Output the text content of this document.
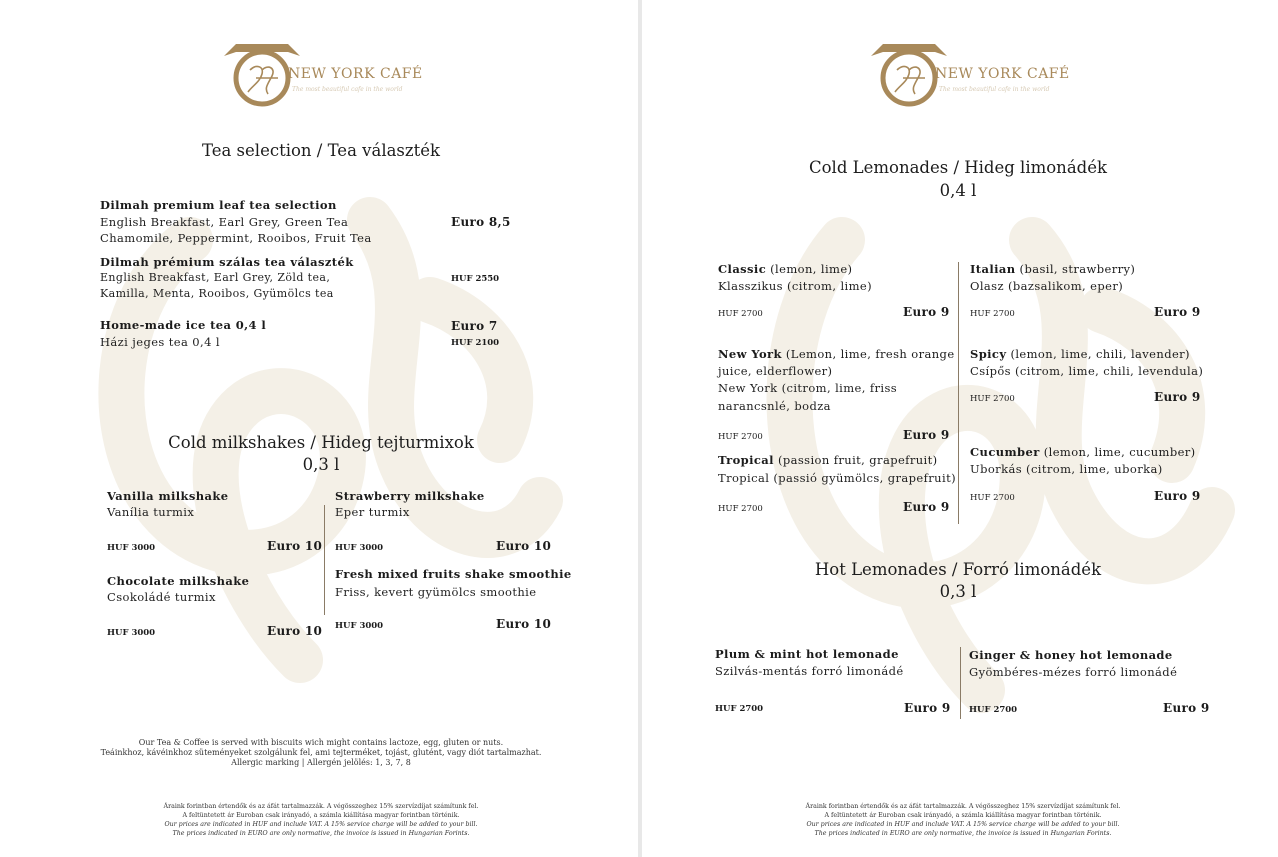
SINCE 1894
NEW YORK CAFÉ
The most beautiful cafe in the world
Tea selection / Tea választék
Dilmah premium leaf tea selection
English Breakfast, Earl Grey, Green Tea
Chamomile, Peppermint, Rooibos, Fruit Tea
Euro 8,5
Dilmah prémium szálas tea választék
English Breakfast, Earl Grey, Zöld tea,
Kamilla, Menta, Rooibos, Gyümölcs tea
HUF 2550
Home-made ice tea 0,4 l
Házi jeges tea 0,4 l
Euro 7
HUF 2100
Cold milkshakes / Hideg tejturmixok
0,3 l
Vanilla milkshake
Vanília turmix
HUF 3000	Euro 10
Strawberry milkshake
Eper turmix
HUF 3000	Euro 10
Chocolate milkshake
Csokoládé turmix
HUF 3000	Euro 10
Fresh mixed fruits shake smoothie
Friss, kevert gyümölcs smoothie
HUF 3000	Euro 10
Our Tea & Coffee is served with biscuits wich might contains lactoze, egg, gluten or nuts.
Teáinkhoz, kávéinkhoz süteményeket szolgálunk fel, ami tejterméket, tojást, glutént, vagy diót tartalmazhat.
Allergic marking | Allergén jelölés: 1, 3, 7, 8
Áraink forintban értendők és az áfát tartalmazzák. A végösszeghez 15% szervízdíjat számítunk fel.
A feltüntetett ár Euroban csak irányadó, a számla kiállítása magyar forintban történik.
Our prices are indicated in HUF and include VAT. A 15% service charge will be added to your bill.
The prices indicated in EURO are only normative, the invoice is issued in Hungarian Forints.
SINCE 1894
NEW YORK CAFÉ
The most beautiful cafe in the world
Cold Lemonades / Hideg limonádék
0,4 l
Classic (lemon, lime)
Klasszikus (citrom, lime)
HUF 2700	Euro 9
Italian (basil, strawberry)
Olasz (bazsalikom, eper)
HUF 2700	Euro 9
New York (Lemon, lime, fresh orange
juice, elderflower)
New York (citrom, lime, friss
narancsnlé, bodza
HUF 2700	Euro 9
Spicy (lemon, lime, chili, lavender)
Csípős (citrom, lime, chili, levendula)
HUF 2700	Euro 9
Tropical (passion fruit, grapefruit)
Tropical (passió gyümölcs, grapefruit)
HUF 2700	Euro 9
Cucumber (lemon, lime, cucumber)
Uborkás (citrom, lime, uborka)
HUF 2700	Euro 9
Hot Lemonades / Forró limonádék
0,3 l
Plum & mint hot lemonade
Szilvás-mentás forró limonádé
HUF 2700	Euro 9
Ginger & honey hot lemonade
Gyömbéres-mézes forró limonádé
HUF 2700	Euro 9
Áraink forintban értendők és az áfát tartalmazzák. A végösszeghez 15% szervízdíjat számítunk fel.
A feltüntetett ár Euroban csak irányadó, a számla kiállítása magyar forintban történik.
Our prices are indicated in HUF and include VAT. A 15% service charge will be added to your bill.
The prices indicated in EURO are only normative, the invoice is issued in Hungarian Forints.
